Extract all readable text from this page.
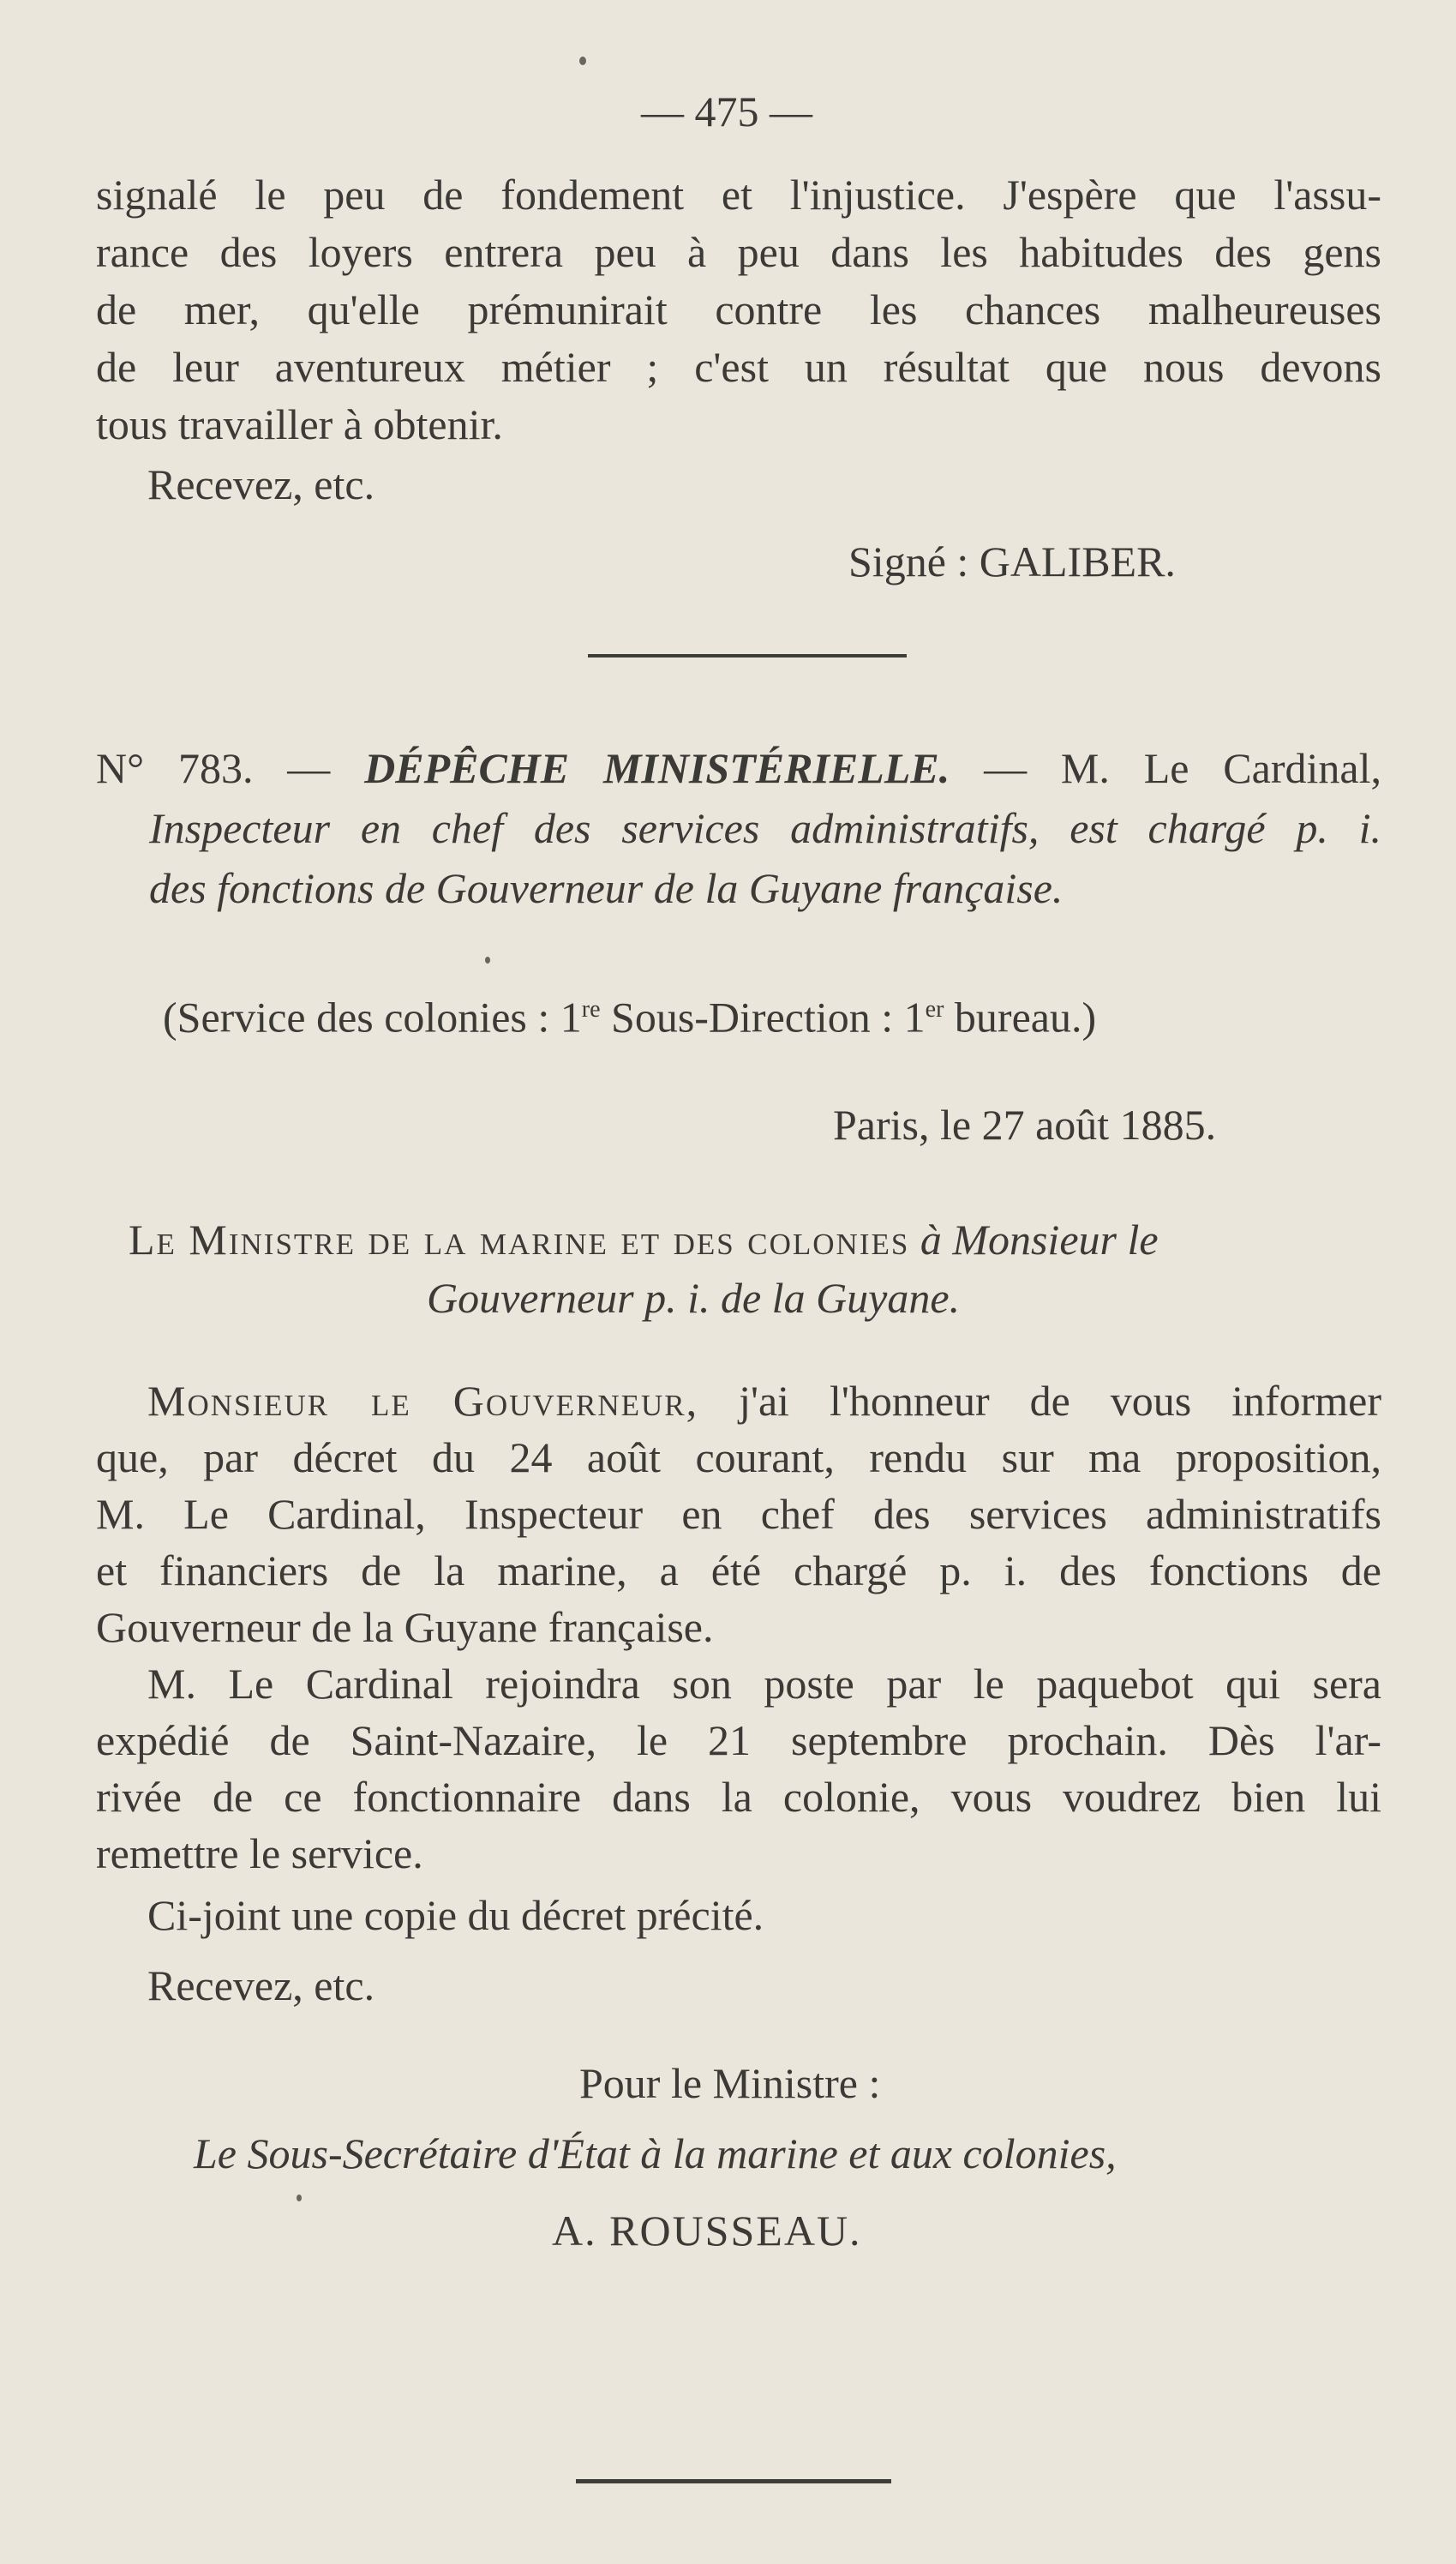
— 475 —
signalé le peu de fondement et l'injustice. J'espère que l'assu-
rance des loyers entrera peu à peu dans les habitudes des gens
de mer, qu'elle prémunirait contre les chances malheureuses
de leur aventureux métier ; c'est un résultat que nous devons
tous travailler à obtenir.
Recevez, etc.
Signé : GALIBER.
N° 783. — DÉPÊCHE MINISTÉRIELLE. — M. Le Cardinal,
Inspecteur en chef des services administratifs, est chargé p. i.
des fonctions de Gouverneur de la Guyane française.
(Service des colonies : 1re Sous-Direction : 1er bureau.)
Paris, le 27 août 1885.
Le Ministre de la marine et des colonies à Monsieur le
Gouverneur p. i. de la Guyane.
Monsieur le Gouverneur, j'ai l'honneur de vous informer
que, par décret du 24 août courant, rendu sur ma proposition,
M. Le Cardinal, Inspecteur en chef des services administratifs
et financiers de la marine, a été chargé p. i. des fonctions de
Gouverneur de la Guyane française.
M. Le Cardinal rejoindra son poste par le paquebot qui sera
expédié de Saint-Nazaire, le 21 septembre prochain. Dès l'ar-
rivée de ce fonctionnaire dans la colonie, vous voudrez bien lui
remettre le service.
Ci-joint une copie du décret précité.
Recevez, etc.
Pour le Ministre :
Le Sous-Secrétaire d'État à la marine et aux colonies,
A. ROUSSEAU.
